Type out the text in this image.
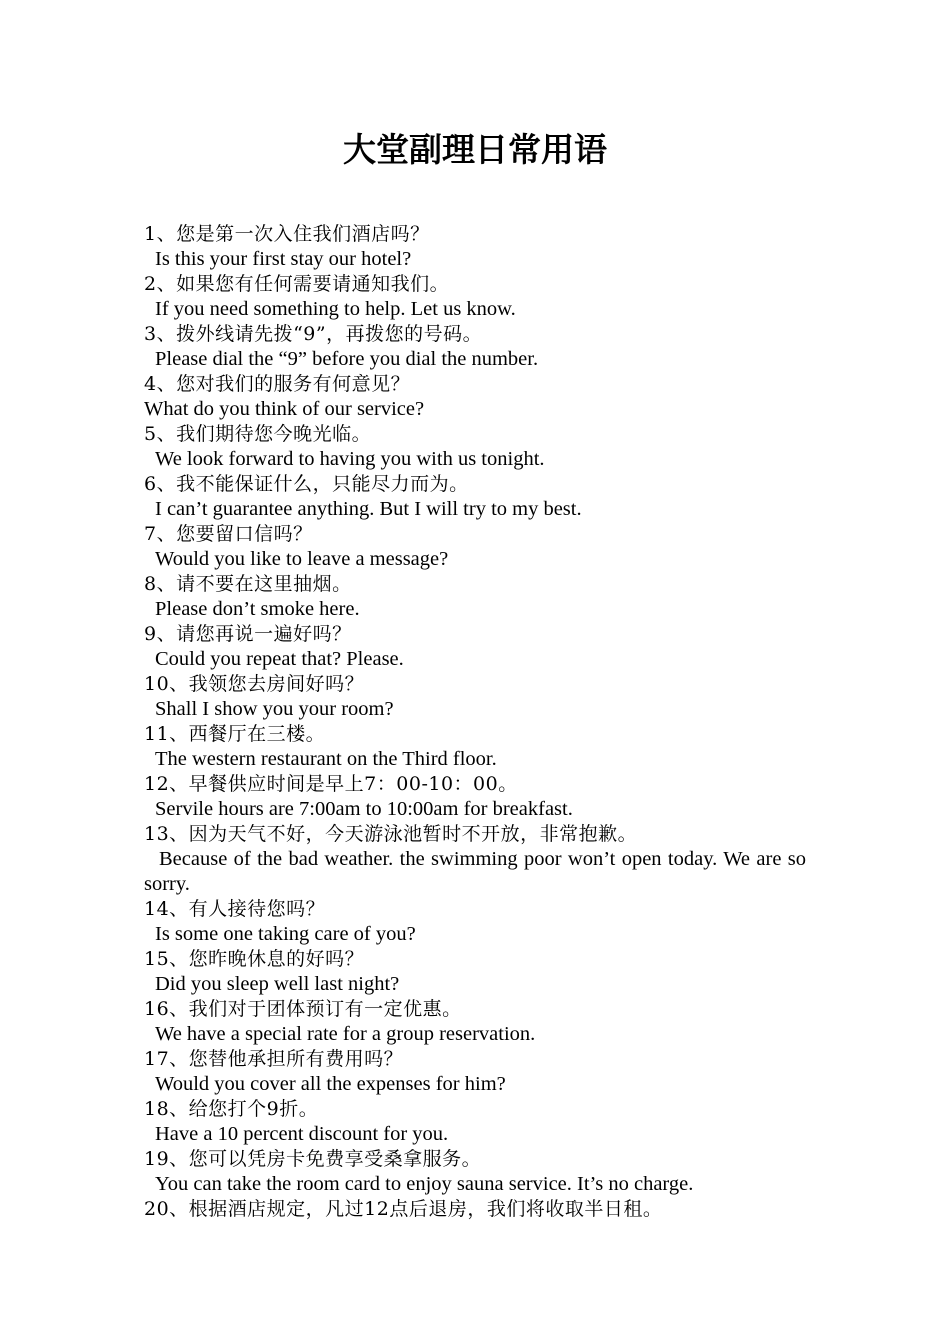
大堂副理日常用语
1、您是第一次入住我们酒店吗？
Is this your first stay our hotel?
2、如果您有任何需要请通知我们。
If you need something to help. Let us know.
3、拨外线请先拨“9”，再拨您的号码。
Please dial the “9” before you dial the number.
4、您对我们的服务有何意见？
What do you think of our service?
5、我们期待您今晚光临。
We look forward to having you with us tonight.
6、我不能保证什么，只能尽力而为。
I can’t guarantee anything. But I will try to my best.
7、您要留口信吗？
Would you like to leave a message?
8、请不要在这里抽烟。
Please don’t smoke here.
9、请您再说一遍好吗？
Could you repeat that? Please.
10、我领您去房间好吗？
Shall I show you your room?
11、西餐厅在三楼。
The western restaurant on the Third floor.
12、早餐供应时间是早上7：00-10：00。
Servile hours are 7:00am to 10:00am for breakfast.
13、因为天气不好，今天游泳池暂时不开放，非常抱歉。
Because of the bad weather. the swimming poor won’t open today. We are so sorry.
14、有人接待您吗？
Is some one taking care of you?
15、您昨晚休息的好吗？
Did you sleep well last night?
16、我们对于团体预订有一定优惠。
We have a special rate for a group reservation.
17、您替他承担所有费用吗？
Would you cover all the expenses for him?
18、给您打个9折。
Have a 10 percent discount for you.
19、您可以凭房卡免费享受桑拿服务。
You can take the room card to enjoy sauna service. It’s no charge.
20、根据酒店规定，凡过12点后退房，我们将收取半日租。
